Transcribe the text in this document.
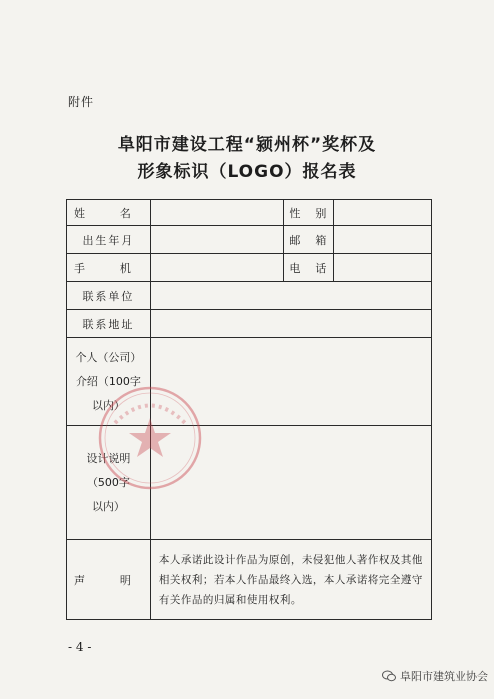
附件
阜阳市建设工程“颍州杯”奖杯及
形象标识（LOGO）报名表
姓　名		性　别	
出生年月		邮　箱	
手　机		电　话	
联系单位			
联系地址			

个人（公司）
介绍（100字
以内）			

设计说明
（500字
以内）			

声　明	本人承诺此设计作品为原创，未侵犯他人著作权及其他相关权利；若本人作品最终入选，本人承诺将完全遵守有关作品的归属和使用权利。		
- 4 -
阜阳市建筑业协会
